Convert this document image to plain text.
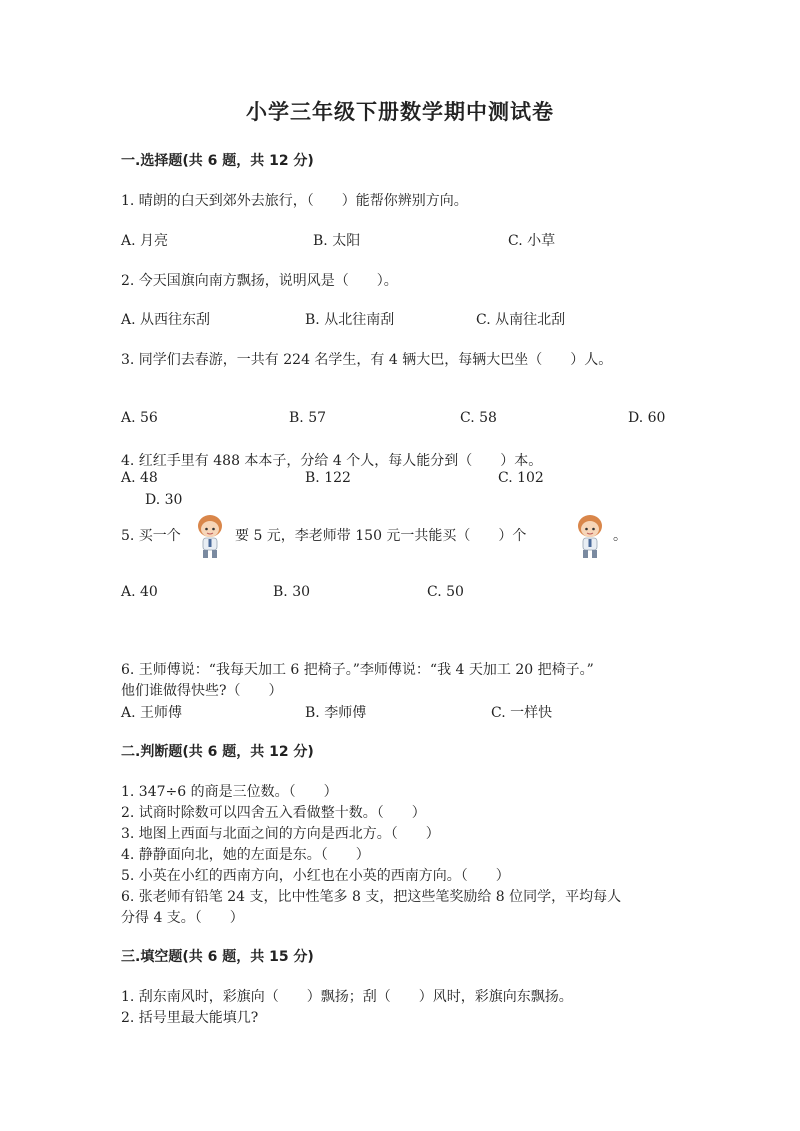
小学三年级下册数学期中测试卷
一.选择题(共 6 题，共 12 分)
1. 晴朗的白天到郊外去旅行，（　　）能帮你辨别方向。
A. 月亮	B. 太阳	C. 小草
2. 今天国旗向南方飘扬，说明风是（　　）。
A. 从西往东刮	B. 从北往南刮	C. 从南往北刮
3. 同学们去春游，一共有 224 名学生，有 4 辆大巴，每辆大巴坐（　　）人。
A. 56	B. 57	C. 58	D. 60
4. 红红手里有 488 本本子，分给 4 个人，每人能分到（　　）本。
A. 48	B. 122	C. 102
D. 30
5. 买一个	要 5 元，李老师带 150 元一共能买（　　）个	。
A. 40	B. 30	C. 50
6. 王师傅说：“我每天加工 6 把椅子。”李师傅说：“我 4 天加工 20 把椅子。”
他们谁做得快些?（　　）
A. 王师傅	B. 李师傅	C. 一样快
二.判断题(共 6 题，共 12 分)
1. 347÷6 的商是三位数。（　　）
2. 试商时除数可以四舍五入看做整十数。（　　）
3. 地图上西面与北面之间的方向是西北方。（　　）
4. 静静面向北，她的左面是东。（　　）
5. 小英在小红的西南方向，小红也在小英的西南方向。（　　）
6. 张老师有铅笔 24 支，比中性笔多 8 支，把这些笔奖励给 8 位同学，平均每人
分得 4 支。（　　）
三.填空题(共 6 题，共 15 分)
1. 刮东南风时，彩旗向（　　）飘扬；刮（　　）风时，彩旗向东飘扬。
2. 括号里最大能填几?
